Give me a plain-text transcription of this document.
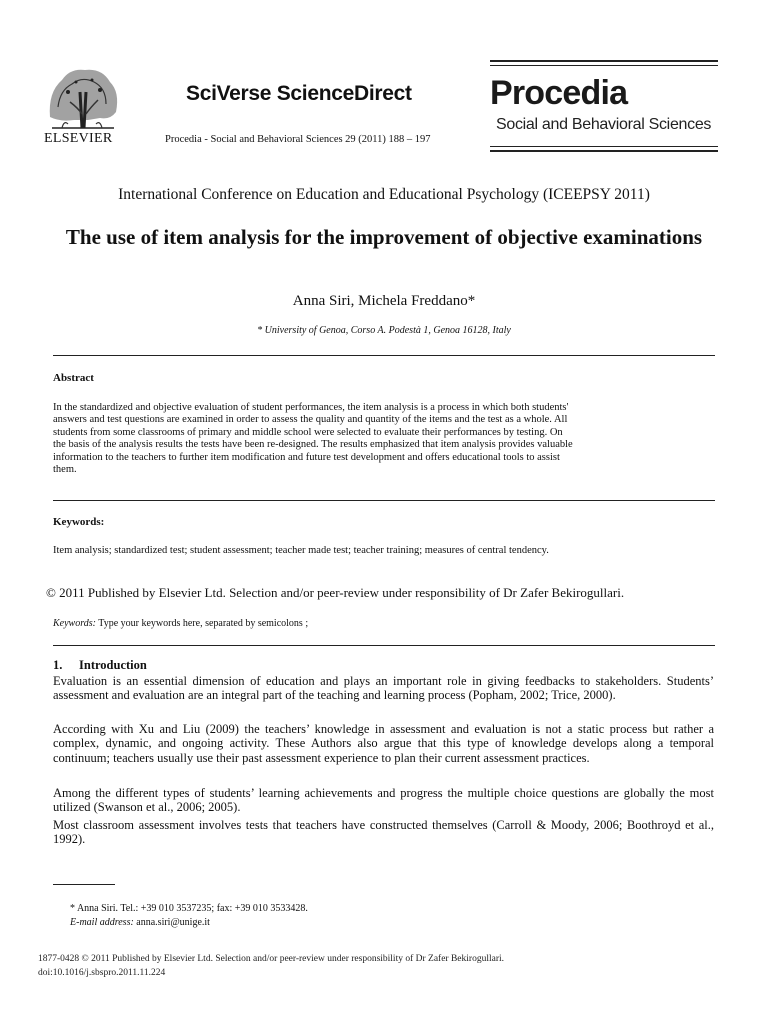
ELSEVIER
SciVerse ScienceDirect
Procedia - Social and Behavioral Sciences 29 (2011) 188 – 197
Procedia
Social and Behavioral Sciences
International Conference on Education and Educational Psychology (ICEEPSY 2011)
The use of item analysis for the improvement of objective examinations
Anna Siri, Michela Freddano*
* University of Genoa, Corso A. Podestà 1, Genoa 16128, Italy
Abstract
In the standardized and objective evaluation of student performances, the item analysis is a process in which both students'
answers and test questions are examined in order to assess the quality and quantity of the items and the test as a whole. All
students from some classrooms of primary and middle school were selected to evaluate their performances by testing. On
the basis of the analysis results the tests have been re-designed. The results emphasized that item analysis provides valuable
information to the teachers to further item modification and future test development and offers educational tools to assist
them.
Keywords:
Item analysis; standardized test; student assessment; teacher made test; teacher training; measures of central tendency.
© 2011 Published by Elsevier Ltd. Selection and/or peer-review under responsibility of Dr Zafer Bekirogullari.
Keywords: Type your keywords here, separated by semicolons ;
1. Introduction
Evaluation is an essential dimension of education and plays an important role in giving feedbacks to stakeholders. Students’ assessment and evaluation are an integral part of the teaching and learning process (Popham, 2002; Trice, 2000).
According with Xu and Liu (2009) the teachers’ knowledge in assessment and evaluation is not a static process but rather a complex, dynamic, and ongoing activity. These Authors also argue that this type of knowledge develops along a temporal continuum; teachers usually use their past assessment experience to plan their current assessment practices.
Among the different types of students’ learning achievements and progress the multiple choice questions are globally the most utilized (Swanson et al., 2006; 2005).
Most classroom assessment involves tests that teachers have constructed themselves (Carroll & Moody, 2006; Boothroyd et al., 1992).
* Anna Siri. Tel.: +39 010 3537235; fax: +39 010 3533428.
E-mail address: anna.siri@unige.it
1877-0428 © 2011 Published by Elsevier Ltd. Selection and/or peer-review under responsibility of Dr Zafer Bekirogullari.
doi:10.1016/j.sbspro.2011.11.224
